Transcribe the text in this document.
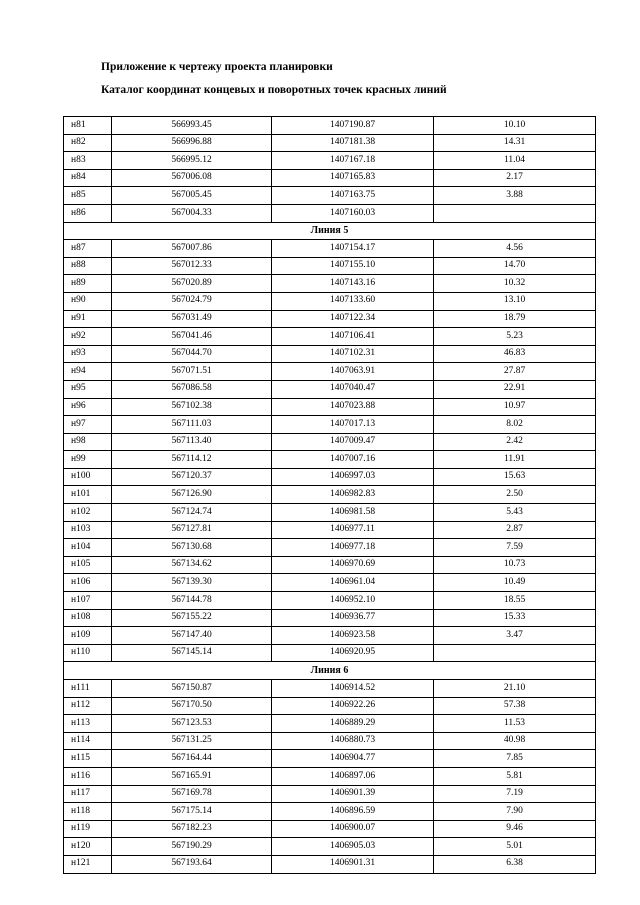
Приложение к чертежу проекта планировки
Каталог координат концевых и поворотных точек красных линий
н81	566993.45	1407190.87	10.10
н82	566996.88	1407181.38	14.31
н83	566995.12	1407167.18	11.04
н84	567006.08	1407165.83	2.17
н85	567005.45	1407163.75	3.88
н86	567004.33	1407160.03	
Линия 5			
н87	567007.86	1407154.17	4.56
н88	567012.33	1407155.10	14.70
н89	567020.89	1407143.16	10.32
н90	567024.79	1407133.60	13.10
н91	567031.49	1407122.34	18.79
н92	567041.46	1407106.41	5.23
н93	567044.70	1407102.31	46.83
н94	567071.51	1407063.91	27.87
н95	567086.58	1407040.47	22.91
н96	567102.38	1407023.88	10.97
н97	567111.03	1407017.13	8.02
н98	567113.40	1407009.47	2.42
н99	567114.12	1407007.16	11.91
н100	567120.37	1406997.03	15.63
н101	567126.90	1406982.83	2.50
н102	567124.74	1406981.58	5.43
н103	567127.81	1406977.11	2.87
н104	567130.68	1406977.18	7.59
н105	567134.62	1406970.69	10.73
н106	567139.30	1406961.04	10.49
н107	567144.78	1406952.10	18.55
н108	567155.22	1406936.77	15.33
н109	567147.40	1406923.58	3.47
н110	567145.14	1406920.95	
Линия 6			
н111	567150.87	1406914.52	21.10
н112	567170.50	1406922.26	57.38
н113	567123.53	1406889.29	11.53
н114	567131.25	1406880.73	40.98
н115	567164.44	1406904.77	7.85
н116	567165.91	1406897.06	5.81
н117	567169.78	1406901.39	7.19
н118	567175.14	1406896.59	7.90
н119	567182.23	1406900.07	9.46
н120	567190.29	1406905.03	5.01
н121	567193.64	1406901.31	6.38
